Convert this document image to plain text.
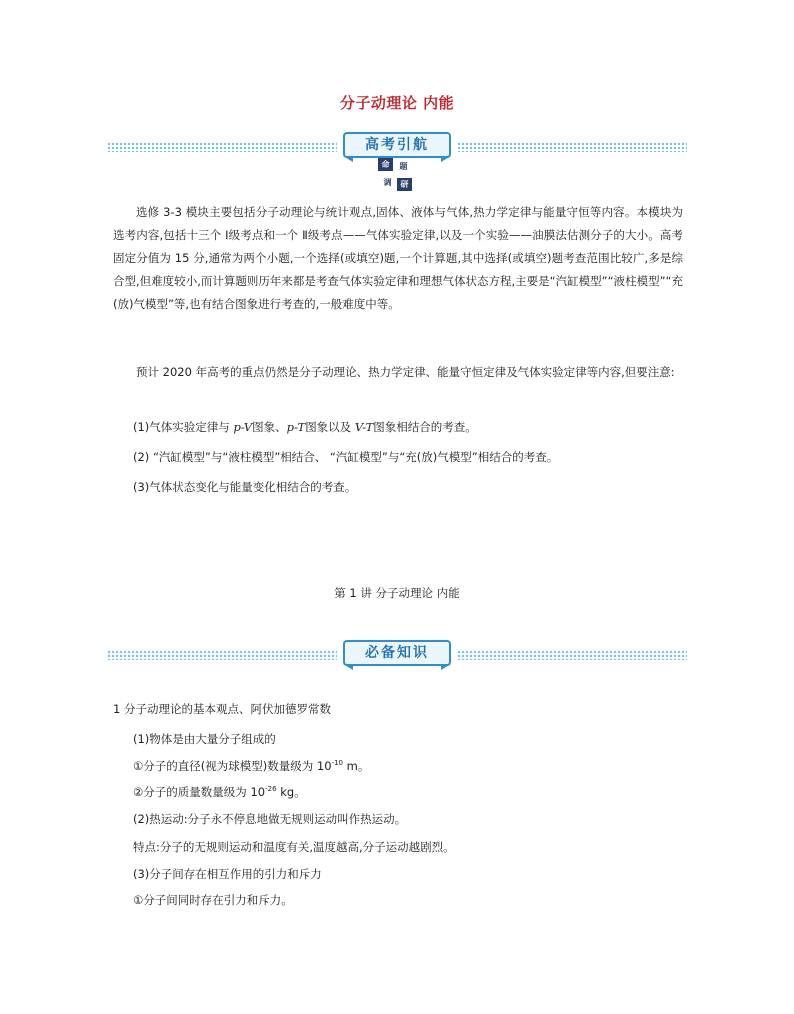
分子动理论 内能
高考引航
命	题
调	研
选修 3-3 模块主要包括分子动理论与统计观点,固体、液体与气体,热力学定律与能量守恒等内容。本模块为选考内容,包括十三个 Ⅰ级考点和一个 Ⅱ级考点——气体实验定律,以及一个实验——油膜法估测分子的大小。高考固定分值为 15 分,通常为两个小题,一个选择(或填空)题,一个计算题,其中选择(或填空)题考查范围比较广,多是综合型,但难度较小,而计算题则历年来都是考查气体实验定律和理想气体状态方程,主要是“汽缸模型”“液柱模型”“充(放)气模型”等,也有结合图象进行考查的,一般难度中等。
预计 2020 年高考的重点仍然是分子动理论、热力学定律、能量守恒定律及气体实验定律等内容,但要注意:
(1)气体实验定律与 p-V图象、p-T图象以及 V-T图象相结合的考查。
(2) “汽缸模型”与“液柱模型”相结合、 “汽缸模型”与“充(放)气模型”相结合的考查。
(3)气体状态变化与能量变化相结合的考查。
第 1 讲 分子动理论 内能
必备知识
1 分子动理论的基本观点、阿伏加德罗常数
(1)物体是由大量分子组成的
①分子的直径(视为球模型)数量级为 $10^{-10}$ m。
②分子的质量数量级为 $10^{-26}$ kg。
(2)热运动:分子永不停息地做无规则运动叫作热运动。
特点:分子的无规则运动和温度有关,温度越高,分子运动越剧烈。
(3)分子间存在相互作用的引力和斥力
①分子间同时存在引力和斥力。
